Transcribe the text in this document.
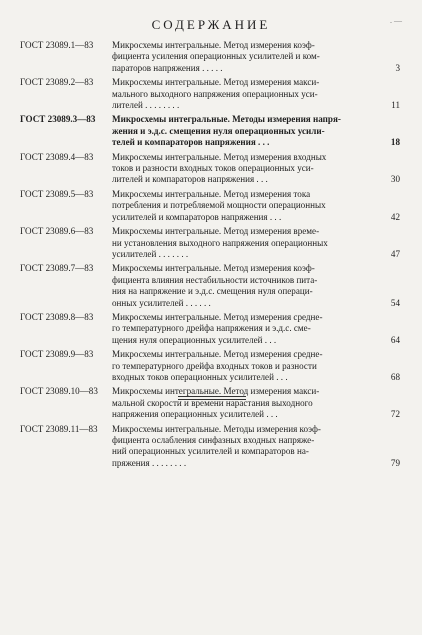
СОДЕРЖАНИЕ	. —
ГОСТ 23089.1—83	Микросхемы интегральные. Метод измерения коэф-
фициента усиления операционных усилителей и ком-
параторов напряжения . . . . .	3
ГОСТ 23089.2—83	Микросхемы интегральные. Метод измерения макси-
мального выходного напряжения операционных уси-
лителей . . . . . . . .	11
ГОСТ 23089.3—83	Микросхемы интегральные. Методы измерения напря-
жения и э.д.с. смещения нуля операционных усили-
телей и компараторов напряжения . . .	18
ГОСТ 23089.4—83	Микросхемы интегральные. Метод измерения входных
токов и разности входных токов операционных уси-
лителей и компараторов напряжения . . .	30
ГОСТ 23089.5—83	Микросхемы интегральные. Метод измерения тока
потребления и потребляемой мощности операционных
усилителей и компараторов напряжения . . .	42
ГОСТ 23089.6—83	Микросхемы интегральные. Метод измерения време-
ни установления выходного напряжения операционных
усилителей . . . . . . .	47
ГОСТ 23089.7—83	Микросхемы интегральные. Метод измерения коэф-
фициента влияния нестабильности источников пита-
ния на напряжение и э.д.с. смещения нуля операци-
онных усилителей . . . . . .	54
ГОСТ 23089.8—83	Микросхемы интегральные. Метод измерения средне-
го температурного дрейфа напряжения и э.д.с. сме-
щения нуля операционных усилителей . . .	64
ГОСТ 23089.9—83	Микросхемы интегральные. Метод измерения средне-
го температурного дрейфа входных токов и разности
входных токов операционных усилителей . . .	68
ГОСТ 23089.10—83	Микросхемы интегральные. Метод измерения макси-
мальной скорости и времени нарастания выходного
напряжения операционных усилителей . . .	72
ГОСТ 23089.11—83	Микросхемы интегральные. Методы измерения коэф-
фициента ослабления синфазных входных напряже-
ний операционных усилителей и компараторов на-
пряжения . . . . . . . .	79
